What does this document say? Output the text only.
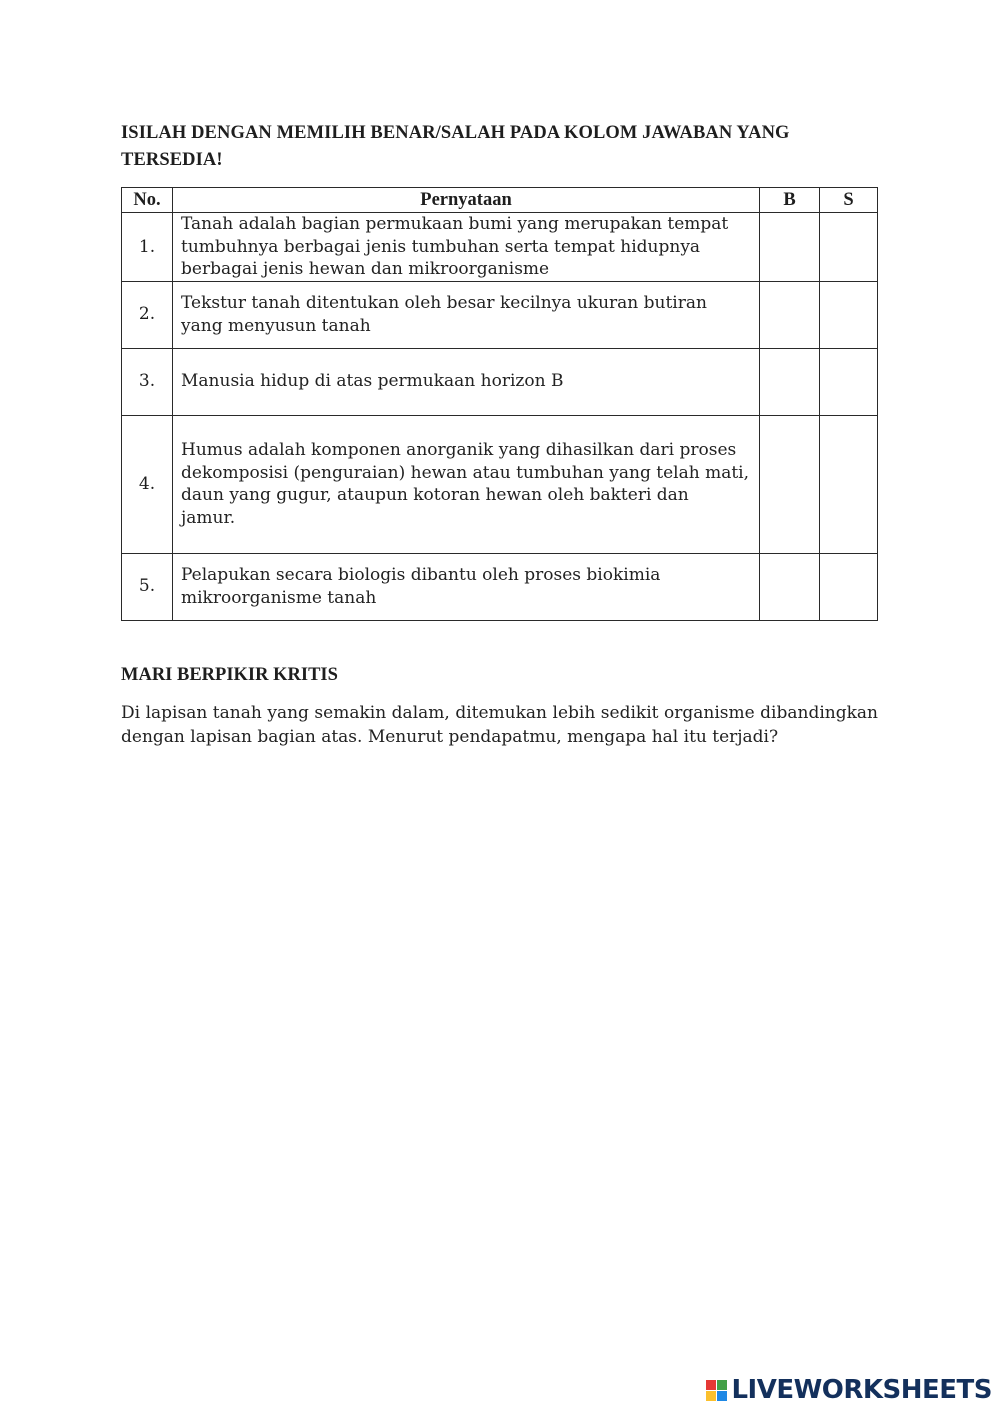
ISILAH DENGAN MEMILIH BENAR/SALAH PADA KOLOM JAWABAN YANG TERSEDIA!
No.	Pernyataan	B	S
1.	Tanah adalah bagian permukaan bumi yang merupakan tempat tumbuhnya berbagai jenis tumbuhan serta tempat hidupnya berbagai jenis hewan dan mikroorganisme		
2.	Tekstur tanah ditentukan oleh besar kecilnya ukuran butiran yang menyusun tanah		
3.	Manusia hidup di atas permukaan horizon B		
4.	Humus adalah komponen anorganik yang dihasilkan dari proses
dekomposisi (penguraian) hewan atau tumbuhan yang telah mati, daun yang gugur, ataupun kotoran hewan oleh bakteri dan
jamur.		

5.	Pelapukan secara biologis dibantu oleh proses biokimia mikroorganisme tanah		
MARI BERPIKIR KRITIS
Di lapisan tanah yang semakin dalam, ditemukan lebih sedikit organisme dibandingkan dengan lapisan bagian atas. Menurut pendapatmu, mengapa hal itu terjadi?
LIVEWORKSHEETS
